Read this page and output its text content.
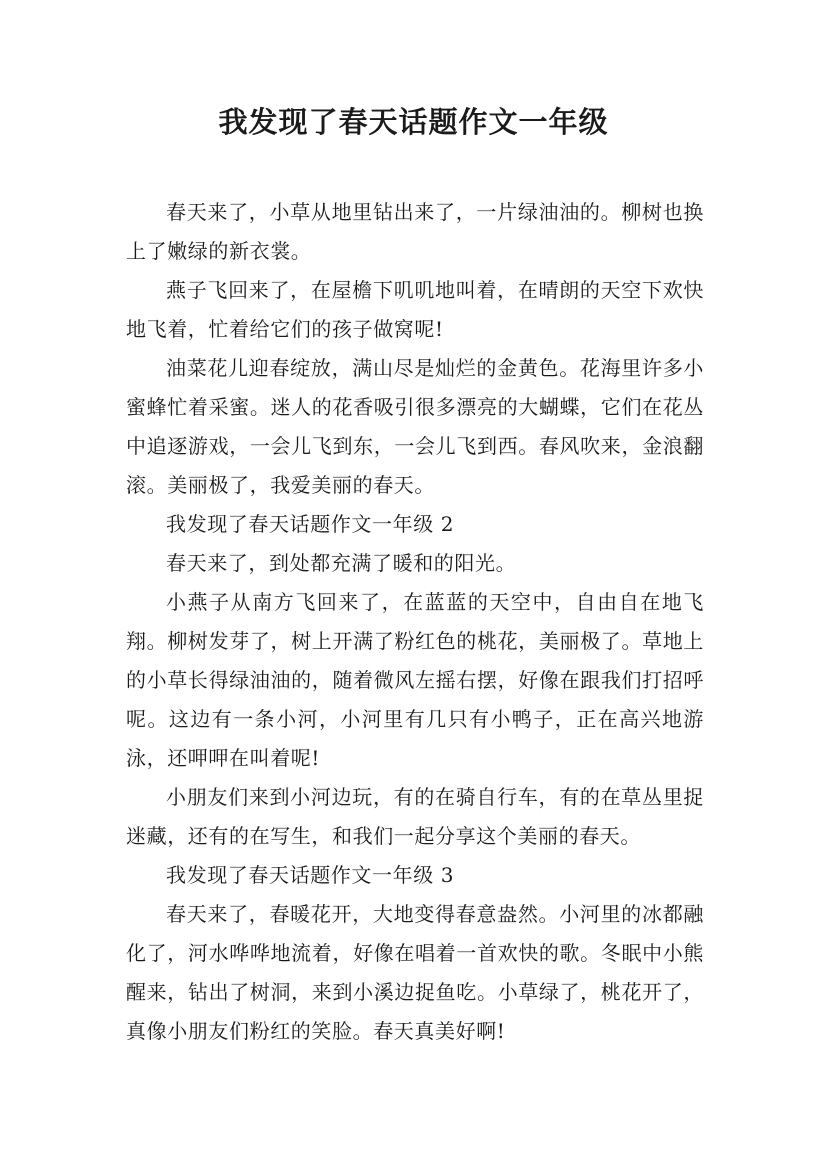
我发现了春天话题作文一年级

春天来了，小草从地里钻出来了，一片绿油油的。柳树也换上了嫩绿的新衣裳。

燕子飞回来了，在屋檐下叽叽地叫着，在晴朗的天空下欢快地飞着，忙着给它们的孩子做窝呢!

油菜花儿迎春绽放，满山尽是灿烂的金黄色。花海里许多小蜜蜂忙着采蜜。迷人的花香吸引很多漂亮的大蝴蝶，它们在花丛中追逐游戏，一会儿飞到东，一会儿飞到西。春风吹来，金浪翻滚。美丽极了，我爱美丽的春天。

我发现了春天话题作文一年级 2

春天来了，到处都充满了暖和的阳光。

小燕子从南方飞回来了，在蓝蓝的天空中，自由自在地飞翔。柳树发芽了，树上开满了粉红色的桃花，美丽极了。草地上的小草长得绿油油的，随着微风左摇右摆，好像在跟我们打招呼呢。这边有一条小河，小河里有几只有小鸭子，正在高兴地游泳，还呷呷在叫着呢!

小朋友们来到小河边玩，有的在骑自行车，有的在草丛里捉迷藏，还有的在写生，和我们一起分享这个美丽的春天。

我发现了春天话题作文一年级 3

春天来了，春暖花开，大地变得春意盎然。小河里的冰都融化了，河水哗哗地流着，好像在唱着一首欢快的歌。冬眠中小熊醒来，钻出了树洞，来到小溪边捉鱼吃。小草绿了，桃花开了，真像小朋友们粉红的笑脸。春天真美好啊!
